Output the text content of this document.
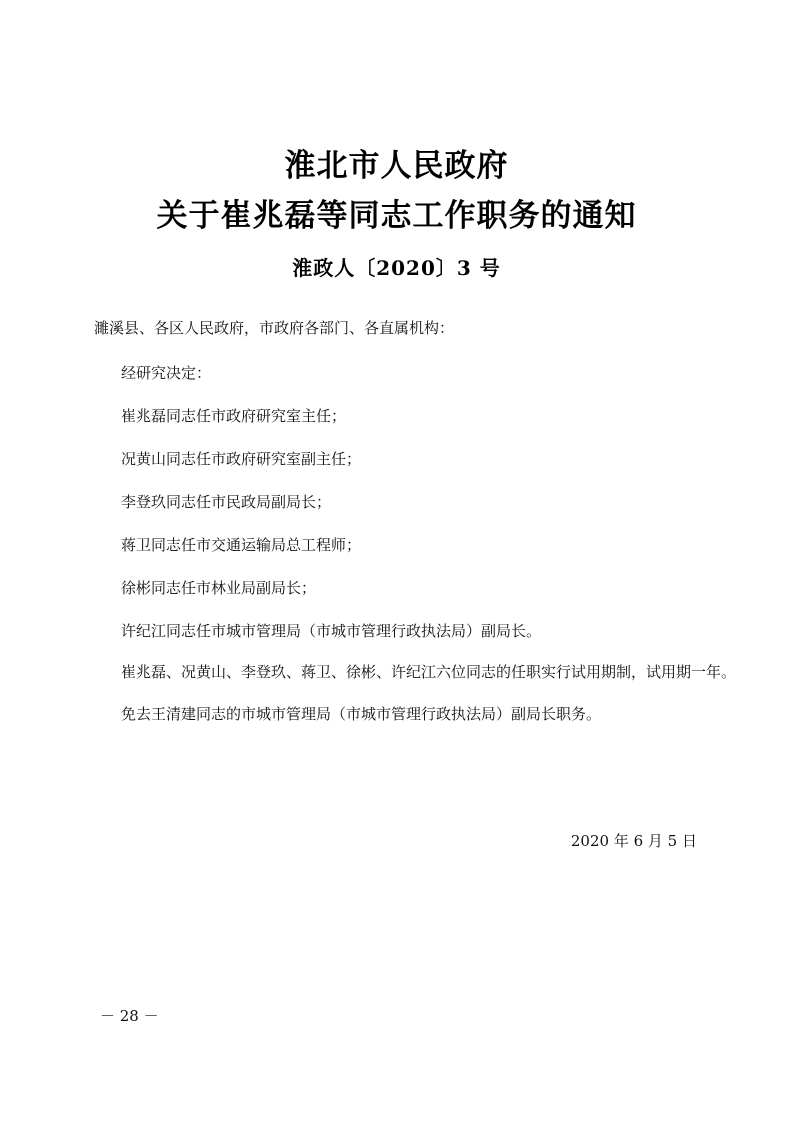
淮北市人民政府
关于崔兆磊等同志工作职务的通知
淮政人〔2020〕3 号
濉溪县、各区人民政府，市政府各部门、各直属机构：
经研究决定：
崔兆磊同志任市政府研究室主任；
况黄山同志任市政府研究室副主任；
李登玖同志任市民政局副局长；
蒋卫同志任市交通运输局总工程师；
徐彬同志任市林业局副局长；
许纪江同志任市城市管理局（市城市管理行政执法局）副局长。
崔兆磊、况黄山、李登玖、蒋卫、徐彬、许纪江六位同志的任职实行试用期制，试用期一年。
免去王清建同志的市城市管理局（市城市管理行政执法局）副局长职务。
2020 年 6 月 5 日
－ 28 －
